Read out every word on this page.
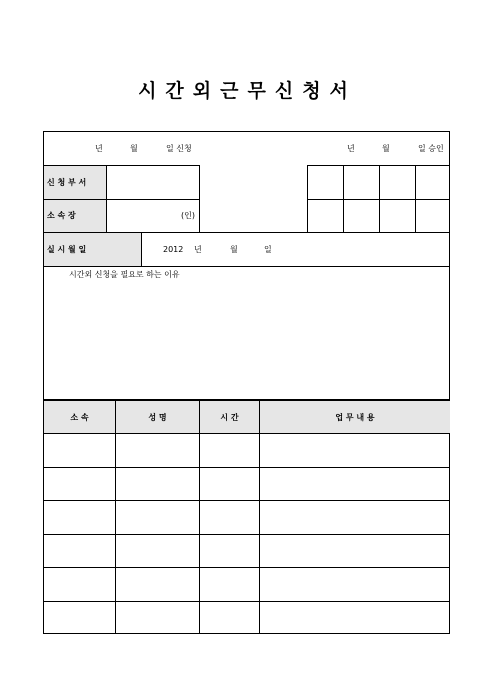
시간외근무신청서
년	월	일 신청	년	월	일 승인
신 청 부 서
소 속 장	(인)
실 시 월 일	2012 년	월	일
시간외 신청을 필요로 하는 이유
소 속	성 명	시 간	업 무 내 용
